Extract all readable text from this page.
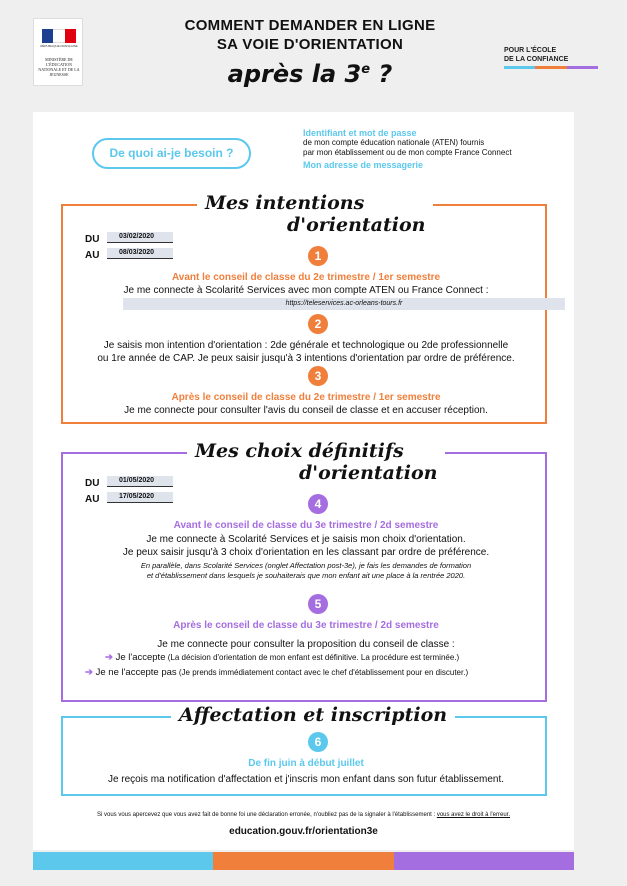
RÉPUBLIQUE FRANÇAISE
MINISTÈRE DE L'ÉDUCATION NATIONALE ET DE LA JEUNESSE
COMMENT DEMANDER EN LIGNE
SA VOIE D'ORIENTATION
après la 3e ?
POUR L'ÉCOLE
DE LA CONFIANCE
De quoi ai-je besoin ?
Identifiant et mot de passe
de mon compte éducation nationale (ATEN) fournis
par mon établissement ou de mon compte France Connect
Mon adresse de messagerie
Mes intentions
d'orientation
DU	03/02/2020
AU	08/03/2020	1
Avant le conseil de classe du 2e trimestre / 1er semestre
Je me connecte à Scolarité Services avec mon compte ATEN ou France Connect :
https://teleservices.ac-orleans-tours.fr
2
Je saisis mon intention d'orientation : 2de générale et technologique ou 2de professionnelle
ou 1re année de CAP. Je peux saisir jusqu'à 3 intentions d'orientation par ordre de préférence.
3
Après le conseil de classe du 2e trimestre / 1er semestre
Je me connecte pour consulter l'avis du conseil de classe et en accuser réception.
Mes choix définitifs
d'orientation
DU	01/05/2020
AU	17/05/2020
4
Avant le conseil de classe du 3e trimestre / 2d semestre
Je me connecte à Scolarité Services et je saisis mon choix d'orientation.
Je peux saisir jusqu'à 3 choix d'orientation en les classant par ordre de préférence.
En parallèle, dans Scolarité Services (onglet Affectation post-3e), je fais les demandes de formation
et d'établissement dans lesquels je souhaiterais que mon enfant ait une place à la rentrée 2020.
5
Après le conseil de classe du 3e trimestre / 2d semestre
Je me connecte pour consulter la proposition du conseil de classe :
➔ Je l'accepte (La décision d'orientation de mon enfant est définitive. La procédure est terminée.)
➔ Je ne l'accepte pas (Je prends immédiatement contact avec le chef d'établissement pour en discuter.)
Affectation et inscription
6
De fin juin à début juillet
Je reçois ma notification d'affectation et j'inscris mon enfant dans son futur établissement.
Si vous vous apercevez que vous avez fait de bonne foi une déclaration erronée, n'oubliez pas de la signaler à l'établissement : vous avez le droit à l'erreur.
education.gouv.fr/orientation3e
